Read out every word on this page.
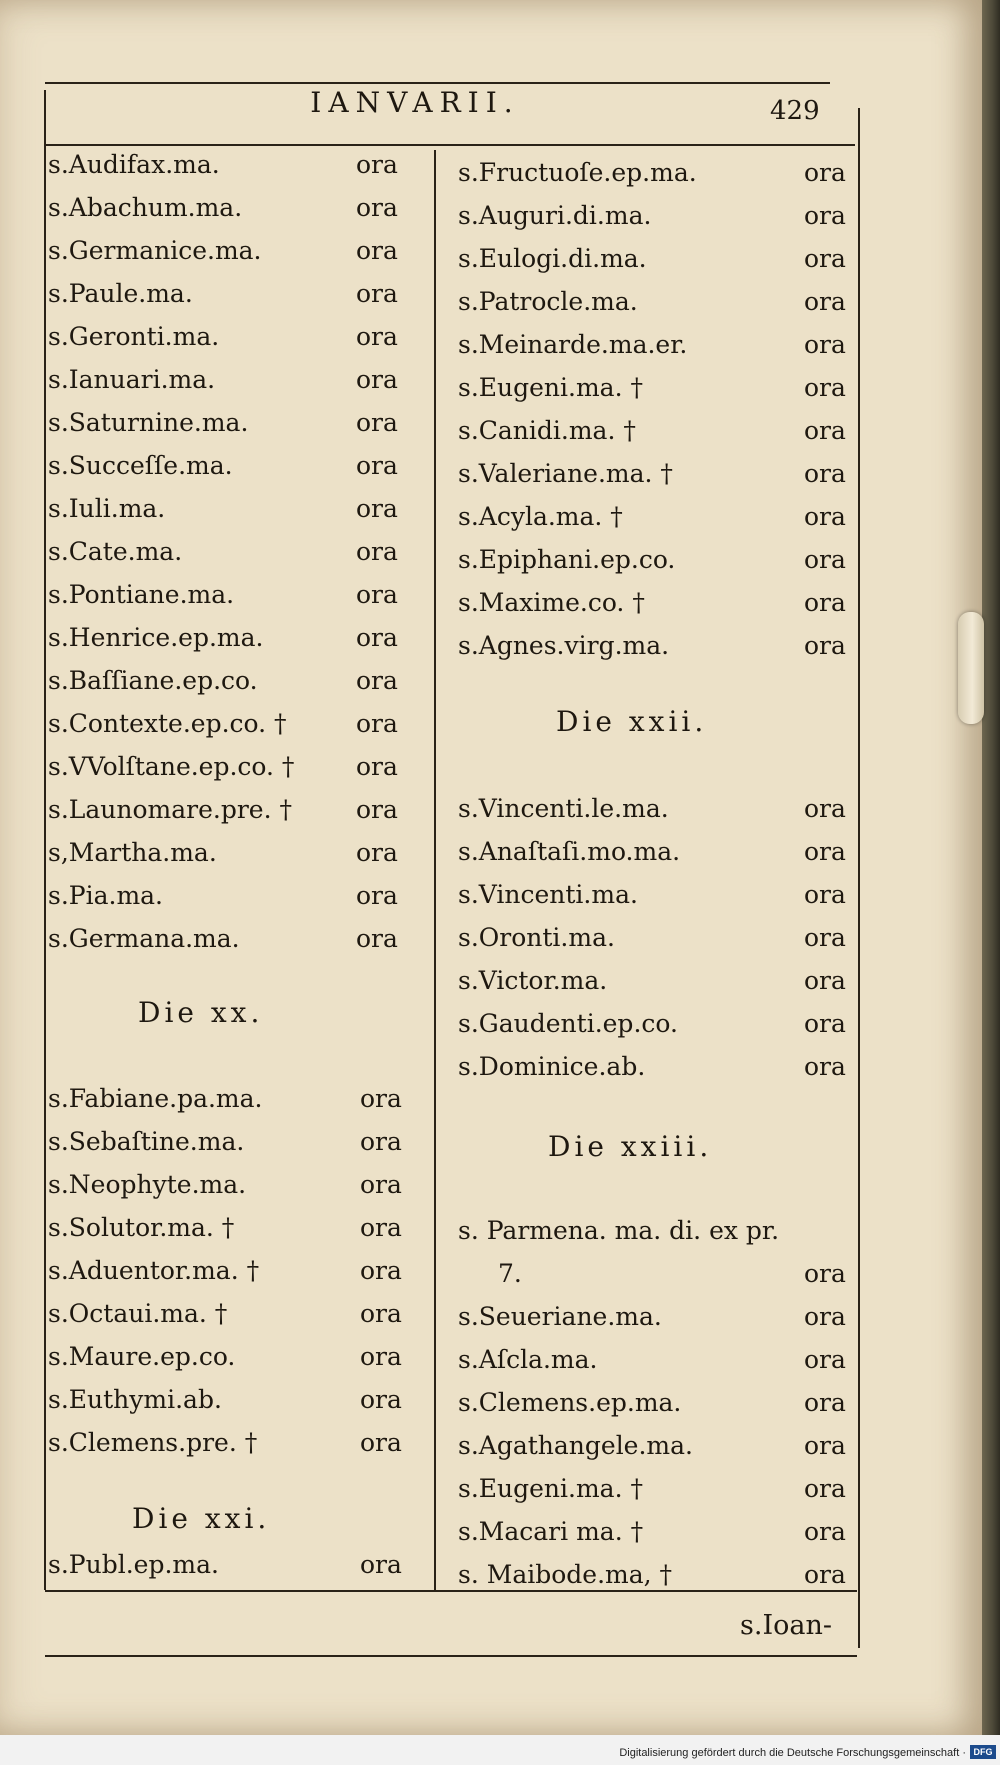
IANVARII.	429
s.Ioan-
Digitalisierung gefördert durch die Deutsche Forschungsgemeinschaft · DFG
s.Audifax.ma.	ora
s.Abachum.ma.	ora
s.Germanice.ma.	ora
s.Paule.ma.	ora
s.Geronti.ma.	ora
s.Ianuari.ma.	ora
s.Saturnine.ma.	ora
s.Succeſſe.ma.	ora
s.Iuli.ma.	ora
s.Cate.ma.	ora
s.Pontiane.ma.	ora
s.Henrice.ep.ma.	ora
s.Baſſiane.ep.co.	ora
s.Contexte.ep.co. †	ora
s.VVolſtane.ep.co. † ora
s.Launomare.pre. †	ora
s,Martha.ma.	ora
s.Pia.ma.	ora
s.Germana.ma.	ora
Die xx.
s.Fabiane.pa.ma.	ora
s.Sebaſtine.ma.	ora
s.Neophyte.ma.	ora
s.Solutor.ma. †	ora
s.Aduentor.ma. †	ora
s.Octaui.ma. †	ora
s.Maure.ep.co.	ora
s.Euthymi.ab.	ora
s.Clemens.pre. †	ora
Die xxi.
s.Publ.ep.ma.	ora
s.Fructuoſe.ep.ma.	ora
s.Auguri.di.ma.	ora
s.Eulogi.di.ma.	ora
s.Patrocle.ma.	ora
s.Meinarde.ma.er.	ora
s.Eugeni.ma. †	ora
s.Canidi.ma. †	ora
s.Valeriane.ma. †	ora
s.Acyla.ma. †	ora
s.Epiphani.ep.co.	ora
s.Maxime.co. †	ora
s.Agnes.virg.ma.	ora
Die xxii.
s.Vincenti.le.ma.	ora
s.Anaſtaſi.mo.ma.	ora
s.Vincenti.ma.	ora
s.Oronti.ma.	ora
s.Victor.ma.	ora
s.Gaudenti.ep.co.	ora
s.Dominice.ab.	ora
Die xxiii.
s. Parmena. ma. di. ex pr.
7.	ora
s.Seueriane.ma.	ora
s.Aſcla.ma.	ora
s.Clemens.ep.ma.	ora
s.Agathangele.ma.	ora
s.Eugeni.ma. †	ora
s.Macari ma. †	ora
s. Maibode.ma, †	ora
